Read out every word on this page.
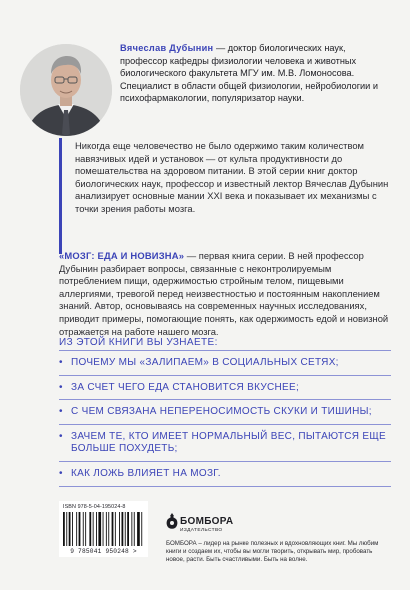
Вячеслав Дубынин — доктор биологических наук, профессор кафедры физиологии человека и животных биологического факультета МГУ им. М.В. Ломоносова. Специалист в области общей физиологии, нейробиологии и психофармакологии, популяризатор науки.
Никогда еще человечество не было одержимо таким количеством навязчивых идей и установок — от культа продуктивности до помешательства на здоровом питании. В этой серии книг доктор биологических наук, профессор и известный лектор Вячеслав Дубынин анализирует основные мании XXI века и показывает их механизмы с точки зрения работы мозга.
«МОЗГ: ЕДА И НОВИЗНА» — первая книга серии. В ней профессор Дубынин разбирает вопросы, связанные с неконтролируемым потреблением пищи, одержимостью стройным телом, пищевыми аллергиями, тревогой перед неизвестностью и постоянным накоплением знаний. Автор, основываясь на современных научных исследованиях, приводит примеры, помогающие понять, как одержимость едой и новизной отражается на работе нашего мозга.
ИЗ ЭТОЙ КНИГИ ВЫ УЗНАЕТЕ:
• ПОЧЕМУ МЫ «ЗАЛИПАЕМ» В СОЦИАЛЬНЫХ СЕТЯХ;
• ЗА СЧЕТ ЧЕГО ЕДА СТАНОВИТСЯ ВКУСНЕЕ;
• С ЧЕМ СВЯЗАНА НЕПЕРЕНОСИМОСТЬ СКУКИ И ТИШИНЫ;
• ЗАЧЕМ ТЕ, КТО ИМЕЕТ НОРМАЛЬНЫЙ ВЕС, ПЫТАЮТСЯ ЕЩЕ БОЛЬШЕ ПОХУДЕТЬ;
• КАК ЛОЖЬ ВЛИЯЕТ НА МОЗГ.
ISBN 978-5-04-195024-8
9 785041 950248 >
БОМБОРА
ИЗДАТЕЛЬСТВО
БОМБОРА – лидер на рынке полезных и вдохновляющих книг. Мы любим книги и создаем их, чтобы вы могли творить, открывать мир, пробовать новое, расти. Быть счастливыми. Быть на волне.
